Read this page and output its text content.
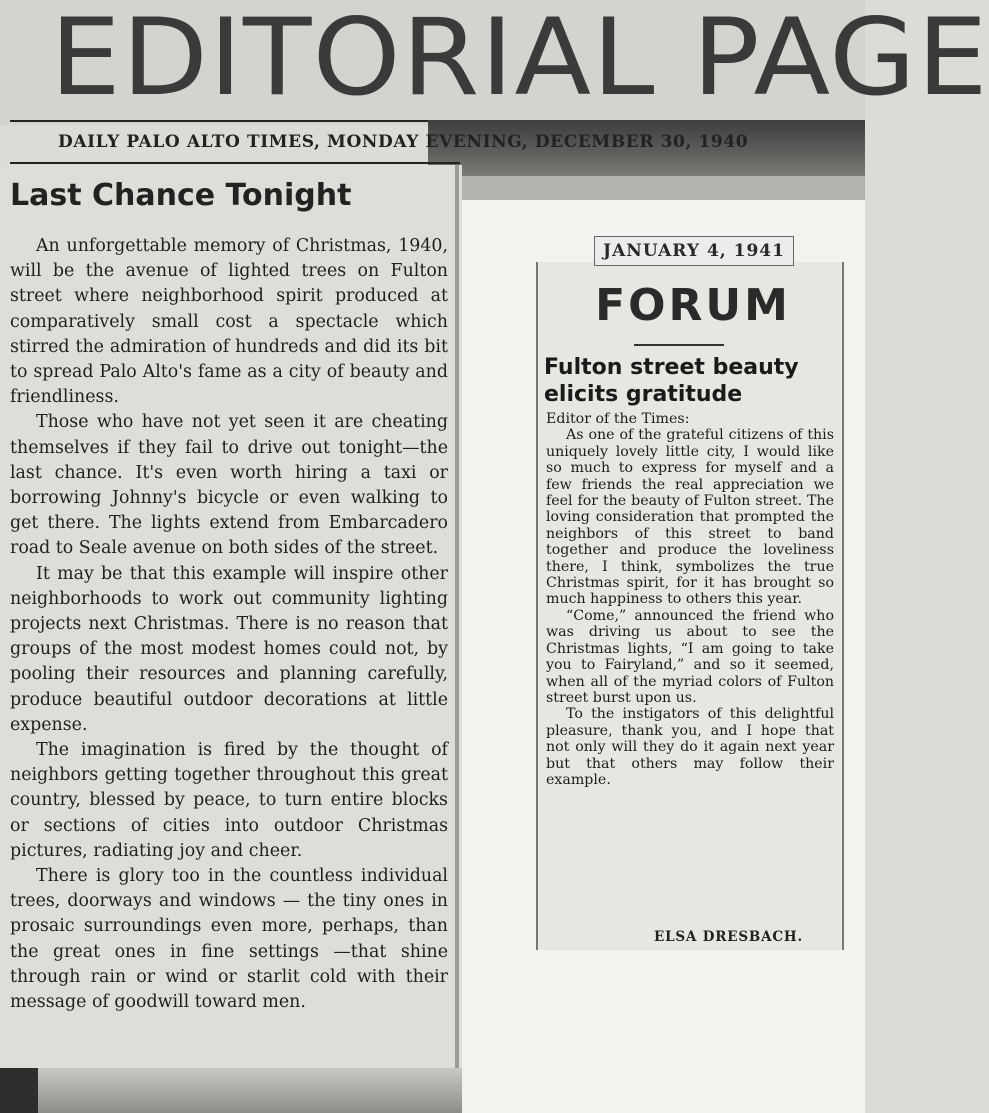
EDITORIAL PAGE
DAILY PALO ALTO TIMES, MONDAY EVENING, DECEMBER 30, 1940
Last Chance Tonight

An unforgettable memory of Christmas, 1940, will be the avenue of lighted trees on Fulton street where neighborhood spirit produced at comparatively small cost a spectacle which stirred the admiration of hundreds and did its bit to spread Palo Alto's fame as a city of beauty and friendliness.

Those who have not yet seen it are cheating themselves if they fail to drive out tonight—the last chance. It's even worth hiring a taxi or borrowing Johnny's bicycle or even walking to get there. The lights extend from Embarcadero road to Seale avenue on both sides of the street.

It may be that this example will inspire other neighborhoods to work out community lighting projects next Christmas. There is no reason that groups of the most modest homes could not, by pooling their resources and planning carefully, produce beautiful outdoor decorations at little expense.

The imagination is fired by the thought of neighbors getting together throughout this great country, blessed by peace, to turn entire blocks or sections of cities into outdoor Christmas pictures, radiating joy and cheer.

There is glory too in the countless individual trees, doorways and windows — the tiny ones in prosaic surroundings even more, perhaps, than the great ones in fine settings —that shine through rain or wind or starlit cold with their message of goodwill toward men.

JANUARY 4, 1941
FORUM
Fulton street beauty elicits gratitude

Editor of the Times:

As one of the grateful citizens of this uniquely lovely little city, I would like so much to express for myself and a few friends the real appreciation we feel for the beauty of Fulton street. The loving consideration that prompted the neighbors of this street to band together and produce the loveliness there, I think, symbolizes the true Christmas spirit, for it has brought so much happiness to others this year.

“Come,” announced the friend who was driving us about to see the Christmas lights, “I am going to take you to Fairyland,” and so it seemed, when all of the myriad colors of Fulton street burst upon us.

To the instigators of this delightful pleasure, thank you, and I hope that not only will they do it again next year but that others may follow their example.

ELSA DRESBACH.
